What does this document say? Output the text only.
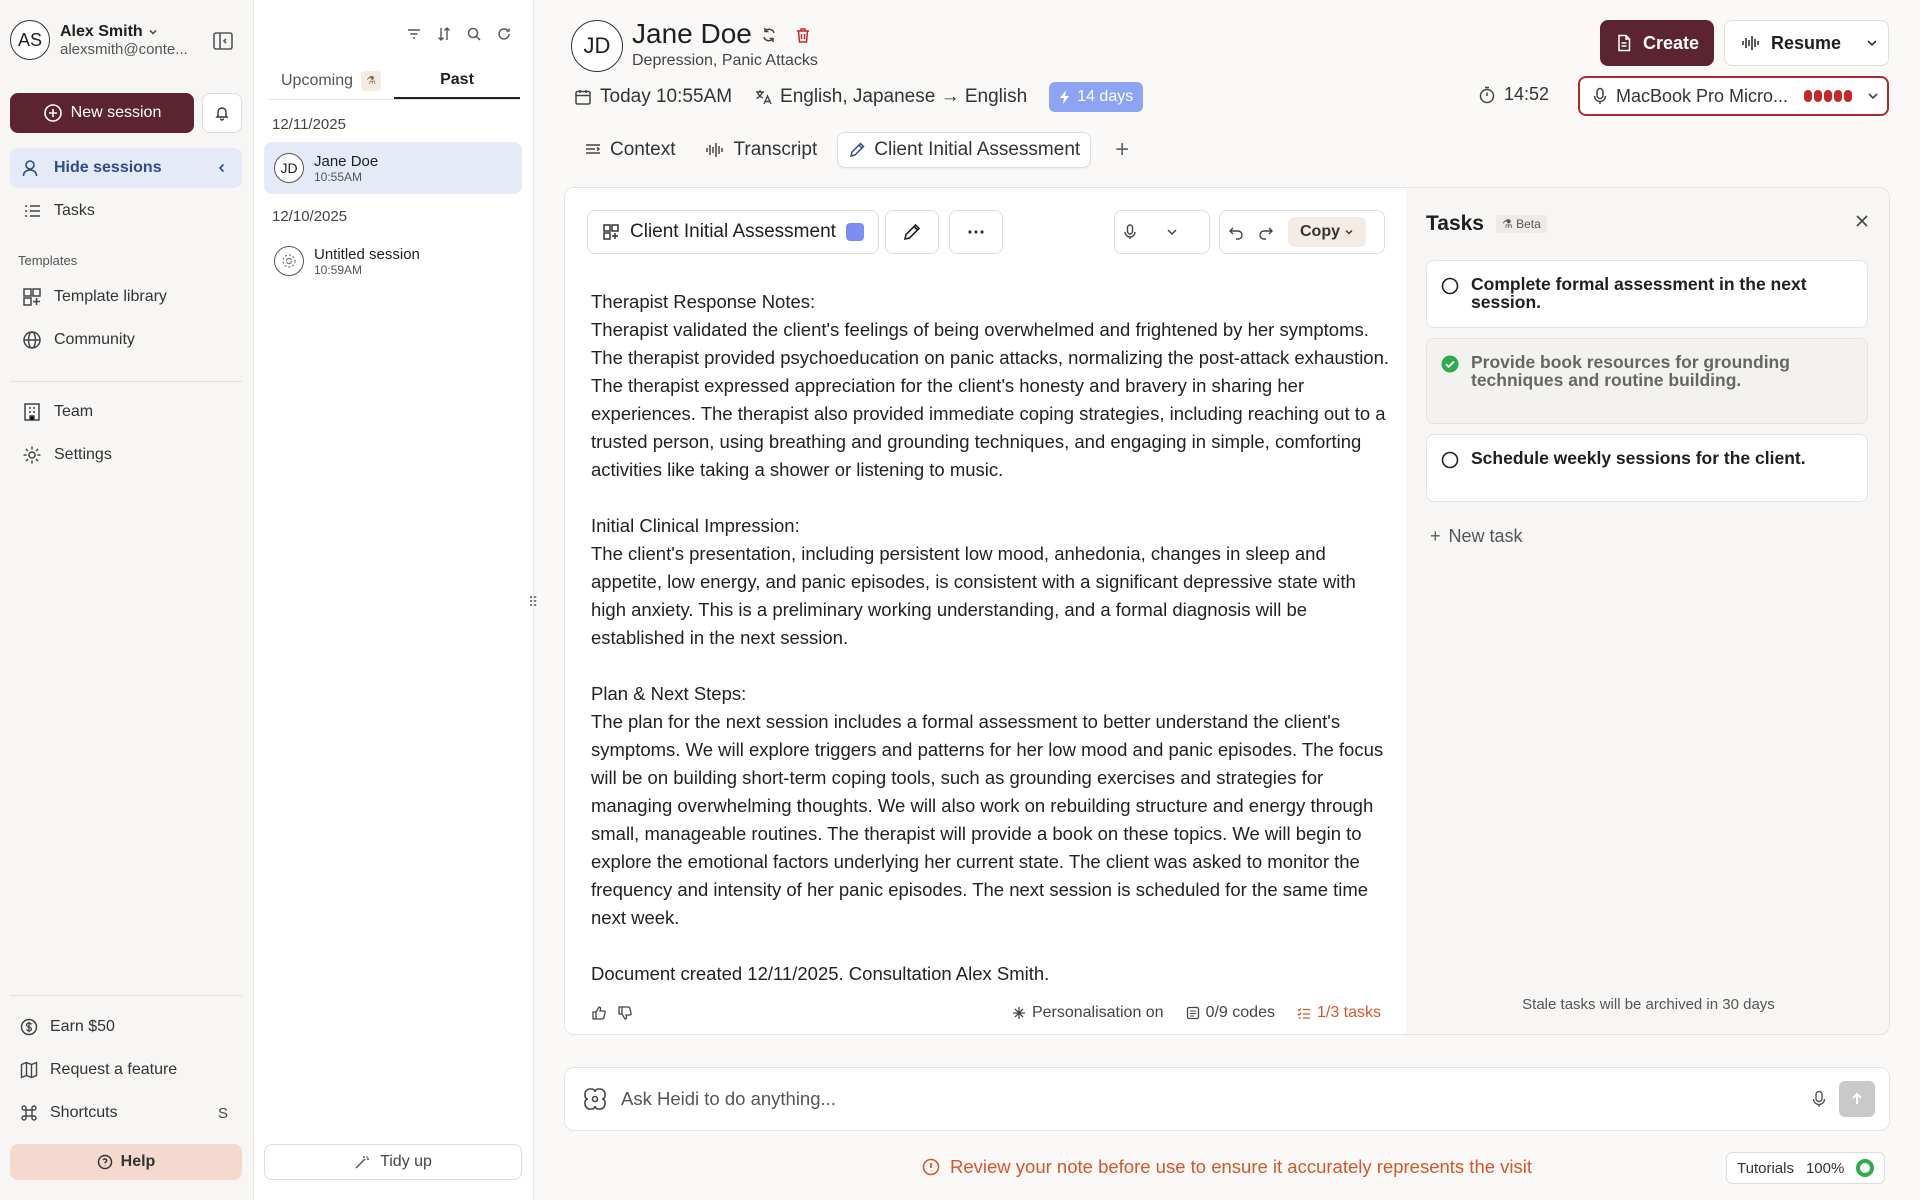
AS	Alex Smith
alexsmith@conte...
New session
Hide sessions
Tasks
Templates
Template library
Community
Team
Settings
Earn $50
Request a feature
Shortcuts	S
Help
Upcoming	⚗	Past
12/11/2025
JD	Jane Doe
10:55AM
12/10/2025
Untitled session
10:59AM
Tidy up
⠿
JD Jane Doe
Depression, Panic Attacks
Today 10:55AM	English, Japanese → English	14 days
Create	Resume
14:52	MacBook Pro Micro...
Context	Transcript	Client Initial Assessment +
Client Initial Assessment	Copy

Therapist Response Notes:
Therapist validated the client's feelings of being overwhelmed and frightened by her symptoms. The therapist provided psychoeducation on panic attacks, normalizing the post-attack exhaustion. The therapist expressed appreciation for the client's honesty and bravery in sharing her experiences. The therapist also provided immediate coping strategies, including reaching out to a trusted person, using breathing and grounding techniques, and engaging in simple, comforting activities like taking a shower or listening to music.

Initial Clinical Impression:
The client's presentation, including persistent low mood, anhedonia, changes in sleep and appetite, low energy, and panic episodes, is consistent with a significant depressive state with high anxiety. This is a preliminary working understanding, and a formal diagnosis will be established in the next session.

Plan & Next Steps:
The plan for the next session includes a formal assessment to better understand the client's symptoms. We will explore triggers and patterns for her low mood and panic episodes. The focus will be on building short-term coping tools, such as grounding exercises and strategies for managing overwhelming thoughts. We will also work on rebuilding structure and energy through small, manageable routines. The therapist will provide a book on these topics. We will begin to explore the emotional factors underlying her current state. The client was asked to monitor the frequency and intensity of her panic episodes. The next session is scheduled for the same time next week.

Document created 12/11/2025. Consultation Alex Smith.

Personalisation on	0/9 codes	1/3 tasks
Tasks	⚗ Beta
Complete formal assessment in the next session.
Provide book resources for grounding techniques and routine building.
Schedule weekly sessions for the client.
+ New task
Stale tasks will be archived in 30 days
Ask Heidi to do anything...
Review your note before use to ensure it accurately represents the visit	Tutorials 100%
